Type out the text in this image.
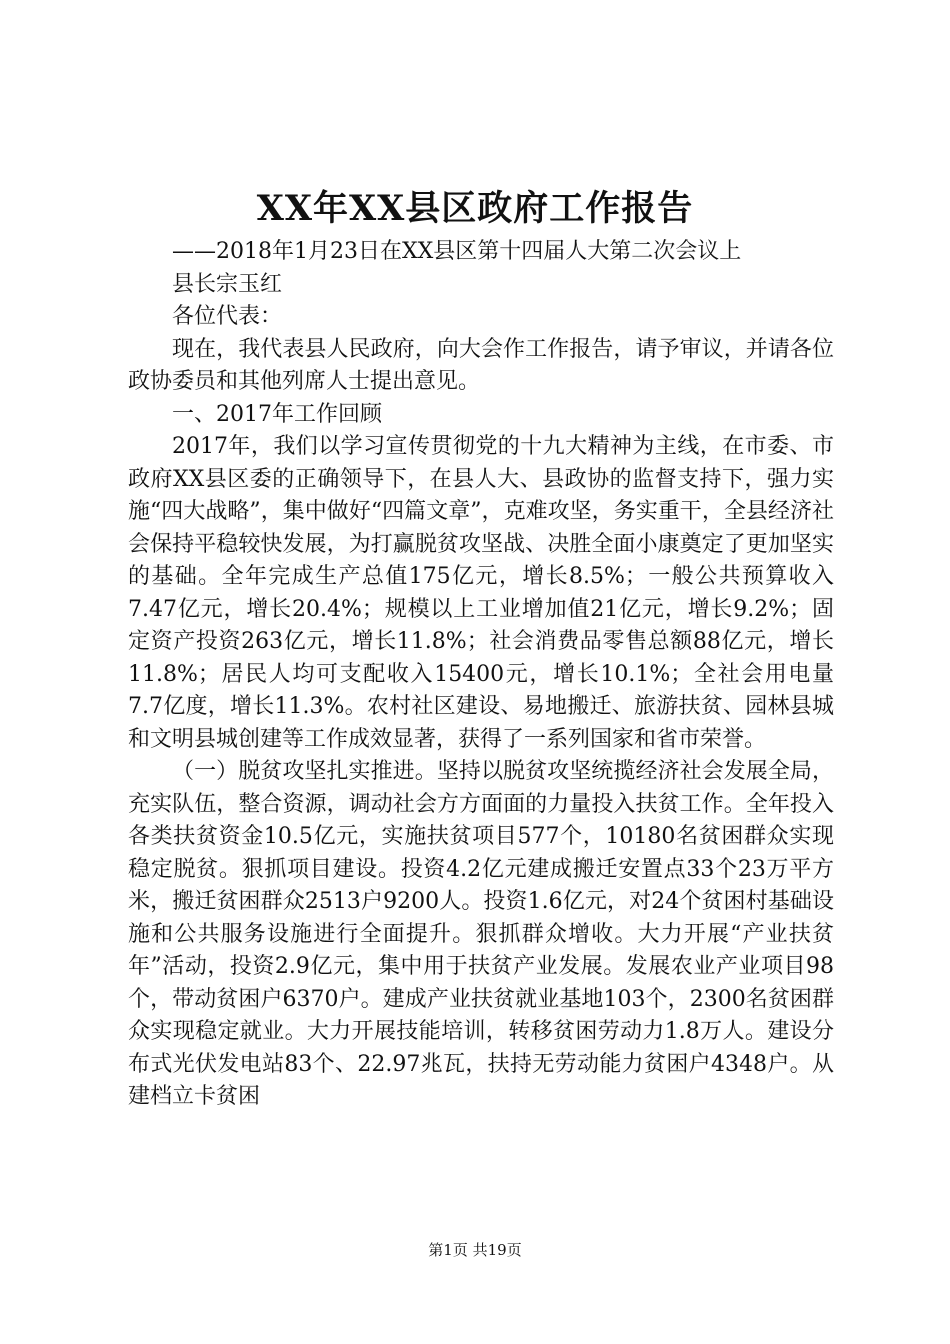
XX年XX县区政府工作报告

——2018年1月23日在XX县区第十四届人大第二次会议上

县长宗玉红

各位代表：

现在，我代表县人民政府，向大会作工作报告，请予审议，并请各位政协委员和其他列席人士提出意见。

一、2017年工作回顾

2017年，我们以学习宣传贯彻党的十九大精神为主线，在市委、市政府XX县区委的正确领导下，在县人大、县政协的监督支持下，强力实施“四大战略”，集中做好“四篇文章”，克难攻坚，务实重干，全县经济社会保持平稳较快发展，为打赢脱贫攻坚战、决胜全面小康奠定了更加坚实的基础。全年完成生产总值175亿元，增长8.5%；一般公共预算收入7.47亿元，增长20.4%；规模以上工业增加值21亿元，增长9.2%；固定资产投资263亿元，增长11.8%；社会消费品零售总额88亿元，增长11.8%；居民人均可支配收入15400元，增长10.1%；全社会用电量7.7亿度，增长11.3%。农村社区建设、易地搬迁、旅游扶贫、园林县城和文明县城创建等工作成效显著，获得了一系列国家和省市荣誉。

（一）脱贫攻坚扎实推进。坚持以脱贫攻坚统揽经济社会发展全局，充实队伍，整合资源，调动社会方方面面的力量投入扶贫工作。全年投入各类扶贫资金10.5亿元，实施扶贫项目577个，10180名贫困群众实现稳定脱贫。狠抓项目建设。投资4.2亿元建成搬迁安置点33个23万平方米，搬迁贫困群众2513户9200人。投资1.6亿元，对24个贫困村基础设施和公共服务设施进行全面提升。狠抓群众增收。大力开展“产业扶贫年”活动，投资2.9亿元，集中用于扶贫产业发展。发展农业产业项目98个，带动贫困户6370户。建成产业扶贫就业基地103个，2300名贫困群众实现稳定就业。大力开展技能培训，转移贫困劳动力1.8万人。建设分布式光伏发电站83个、22.97兆瓦，扶持无劳动能力贫困户4348户。从建档立卡贫困

第1页 共19页
